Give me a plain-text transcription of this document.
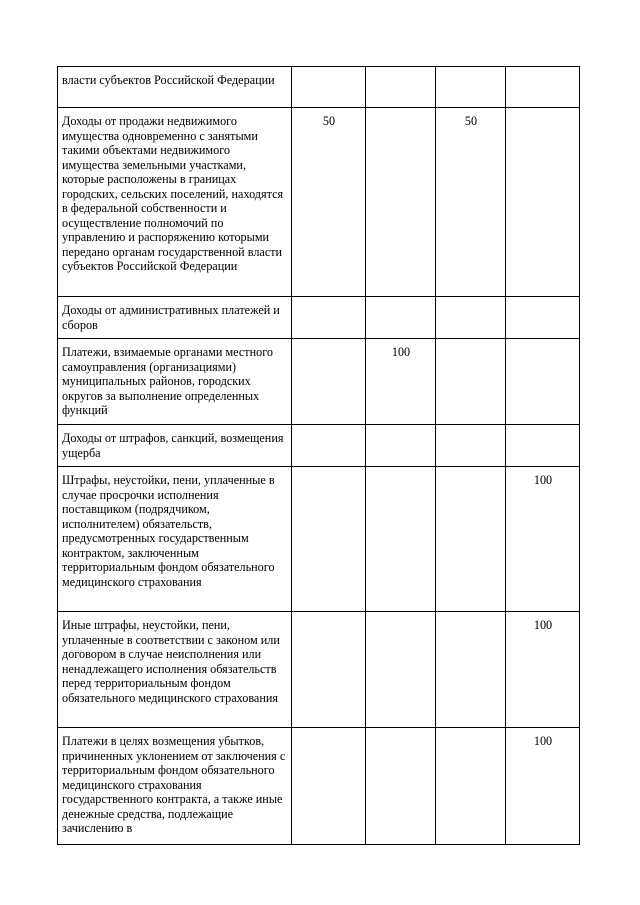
власти субъектов Российской Федерации				

Доходы от продажи недвижимого имущества одновременно с занятыми такими объектами недвижимого имущества земельными участками, которые расположены в границах городских, сельских поселений, находятся в федеральной собственности и осуществление полномочий по управлению и распоряжению которыми передано органам государственной власти субъектов Российской Федерации	50		50	

Доходы от административных платежей и сборов				

Платежи, взимаемые органами местного самоуправления (организациями) муниципальных районов, городских округов за выполнение определенных функций		100		

Доходы от штрафов, санкций, возмещения ущерба				

Штрафы, неустойки, пени, уплаченные в случае просрочки исполнения поставщиком (подрядчиком, исполнителем) обязательств, предусмотренных государственным контрактом, заключенным территориальным фондом обязательного медицинского страхования				100

Иные штрафы, неустойки, пени, уплаченные в соответствии с законом или договором в случае неисполнения или ненадлежащего исполнения обязательств перед территориальным фондом обязательного медицинского страхования				100

Платежи в целях возмещения убытков, причиненных уклонением от заключения с территориальным фондом обязательного медицинского страхования государственного контракта, а также иные денежные средства, подлежащие зачислению в				100
